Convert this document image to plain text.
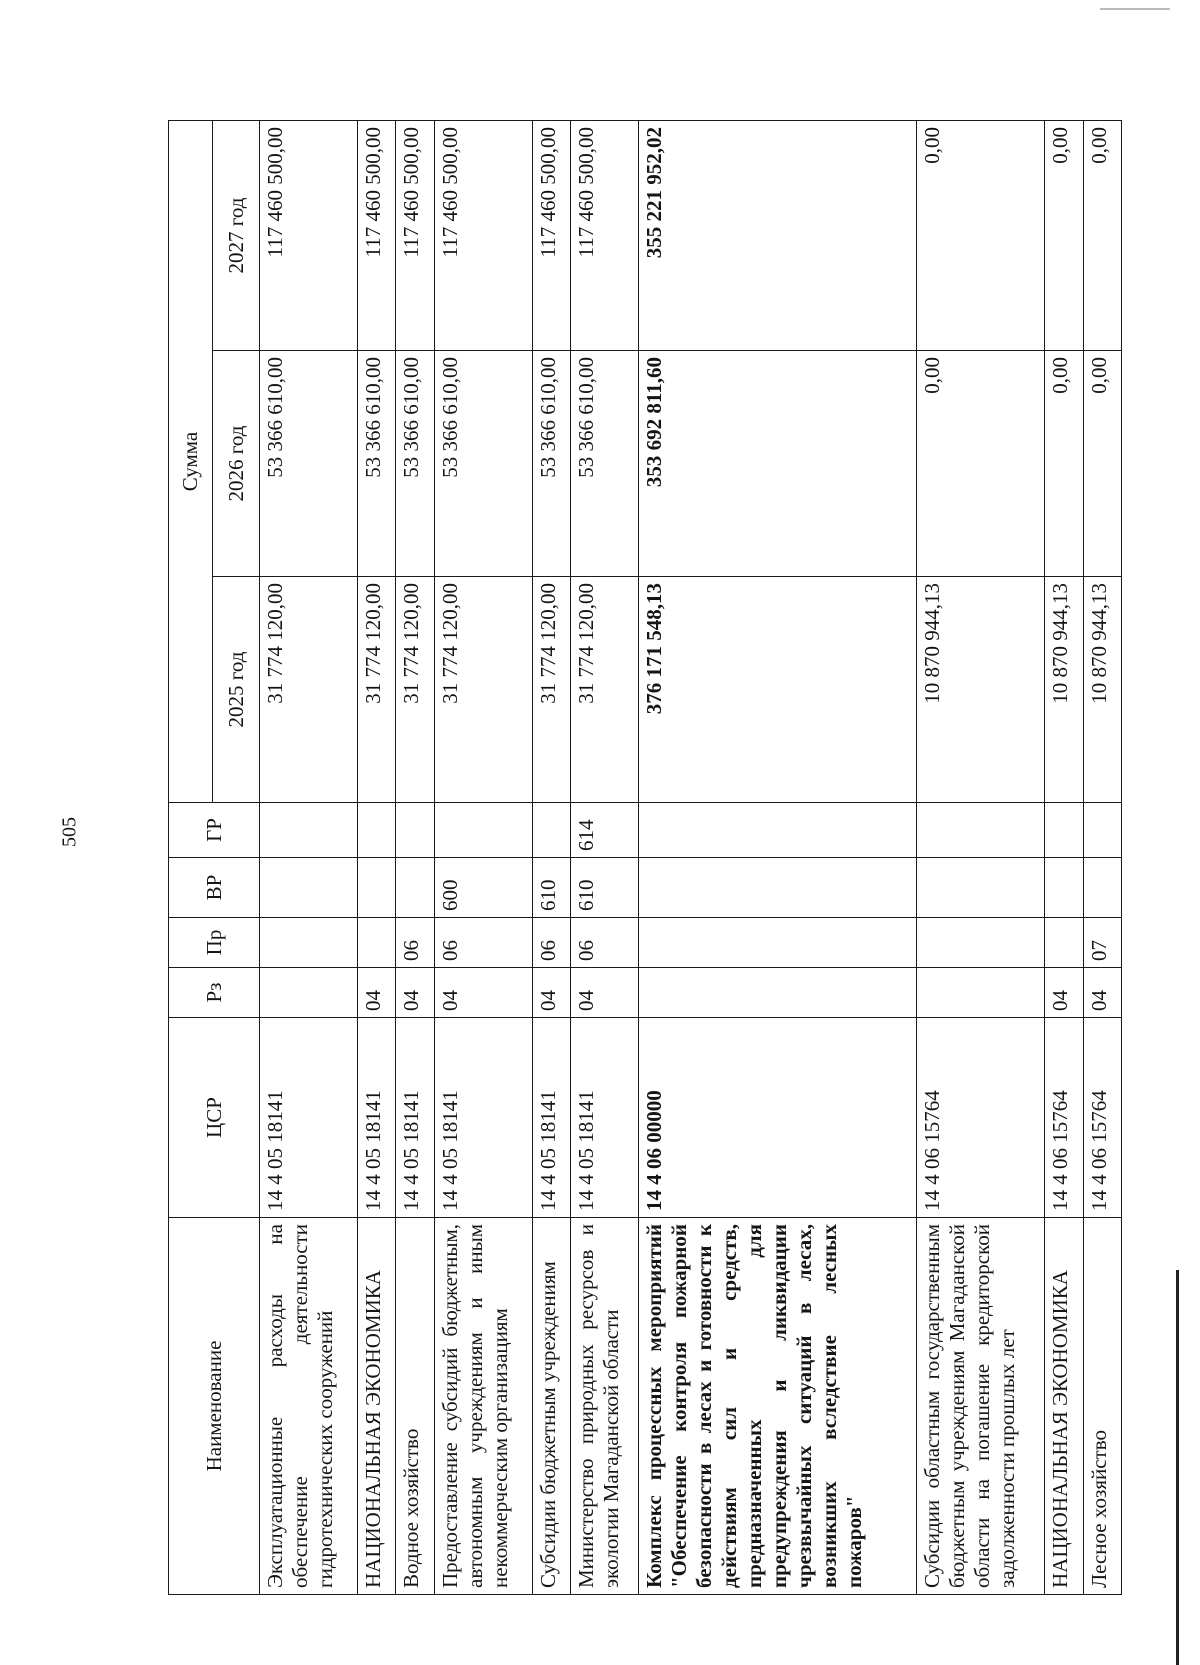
505
Наименование	ЦСР	Рз	Пр	ВР	ГР	Сумма		
						2025 год	2026 год	2027 год
Эксплуатационные расходы на обеспечение деятельности гидротехнических сооружений	14 4 05 18141					31 774 120,00	53 366 610,00	117 460 500,00
НАЦИОНАЛЬНАЯ ЭКОНОМИКА	14 4 05 18141	04				31 774 120,00	53 366 610,00	117 460 500,00
Водное хозяйство	14 4 05 18141	04	06			31 774 120,00	53 366 610,00	117 460 500,00
Предоставление субсидий бюджетным, автономным учреждениям и иным некоммерческим организациям	14 4 05 18141	04	06	600		31 774 120,00	53 366 610,00	117 460 500,00
Субсидии бюджетным учреждениям	14 4 05 18141	04	06	610		31 774 120,00	53 366 610,00	117 460 500,00
Министерство природных ресурсов и экологии Магаданской области	14 4 05 18141	04	06	610	614	31 774 120,00	53 366 610,00	117 460 500,00
Комплекс процессных мероприятий "Обеспечение контроля пожарной безопасности в лесах и готовности к действиям сил и средств, предназначенных для предупреждения и ликвидации чрезвычайных ситуаций в лесах, возникших вследствие лесных пожаров"	14 4 06 00000					376 171 548,13	353 692 811,60	355 221 952,02
Субсидии областным государственным бюджетным учреждениям Магаданской области на погашение кредиторской задолженности прошлых лет	14 4 06 15764					10 870 944,13	0,00	0,00
НАЦИОНАЛЬНАЯ ЭКОНОМИКА	14 4 06 15764	04				10 870 944,13	0,00	0,00
Лесное хозяйство	14 4 06 15764	04	07			10 870 944,13	0,00	0,00
